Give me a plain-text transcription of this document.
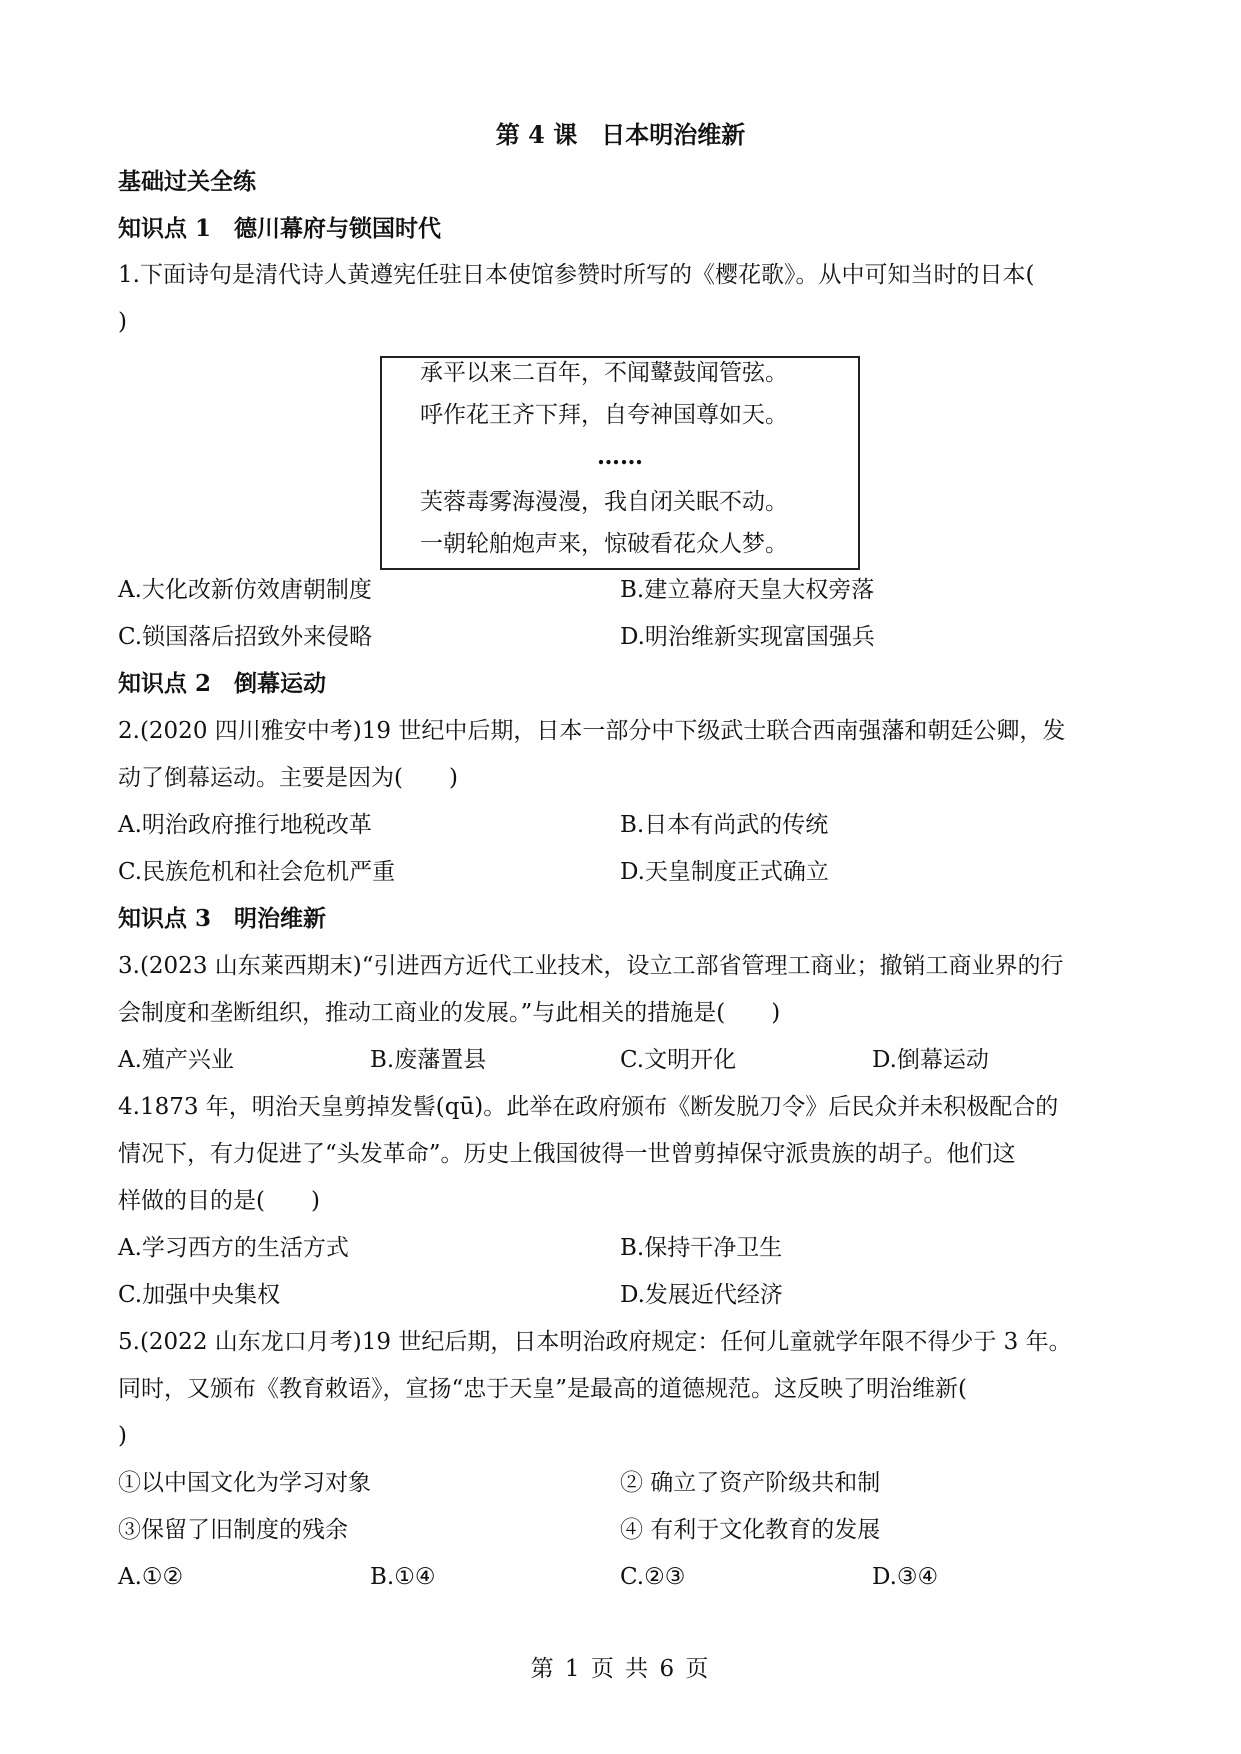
第 4 课　日本明治维新
基础过关全练
知识点 1　德川幕府与锁国时代
1.下面诗句是清代诗人黄遵宪任驻日本使馆参赞时所写的《樱花歌》。从中可知当时的日本(
)
承平以来二百年，不闻鼙鼓闻管弦。
呼作花王齐下拜，自夸神国尊如天。
……
芙蓉毒雾海漫漫，我自闭关眠不动。
一朝轮舶炮声来，惊破看花众人梦。
A.大化改新仿效唐朝制度	B.建立幕府天皇大权旁落
C.锁国落后招致外来侵略	D.明治维新实现富国强兵
知识点 2　倒幕运动
2.(2020 四川雅安中考)19 世纪中后期，日本一部分中下级武士联合西南强藩和朝廷公卿，发
动了倒幕运动。主要是因为(　　)
A.明治政府推行地税改革	B.日本有尚武的传统
C.民族危机和社会危机严重	D.天皇制度正式确立
知识点 3　明治维新
3.(2023 山东莱西期末)“引进西方近代工业技术，设立工部省管理工商业；撤销工商业界的行
会制度和垄断组织，推动工商业的发展。”与此相关的措施是(　　)
A.殖产兴业	B.废藩置县	C.文明开化	D.倒幕运动
4.1873 年，明治天皇剪掉发髻(qū)。此举在政府颁布《断发脱刀令》后民众并未积极配合的
情况下，有力促进了“头发革命”。历史上俄国彼得一世曾剪掉保守派贵族的胡子。他们这
样做的目的是(　　)
A.学习西方的生活方式	B.保持干净卫生
C.加强中央集权	D.发展近代经济
5.(2022 山东龙口月考)19 世纪后期，日本明治政府规定：任何儿童就学年限不得少于 3 年。
同时，又颁布《教育敕语》，宣扬“忠于天皇”是最高的道德规范。这反映了明治维新(
)
①以中国文化为学习对象	② 确立了资产阶级共和制
③保留了旧制度的残余	④ 有利于文化教育的发展
A.①②	B.①④	C.②③	D.③④
第 1 页 共 6 页
